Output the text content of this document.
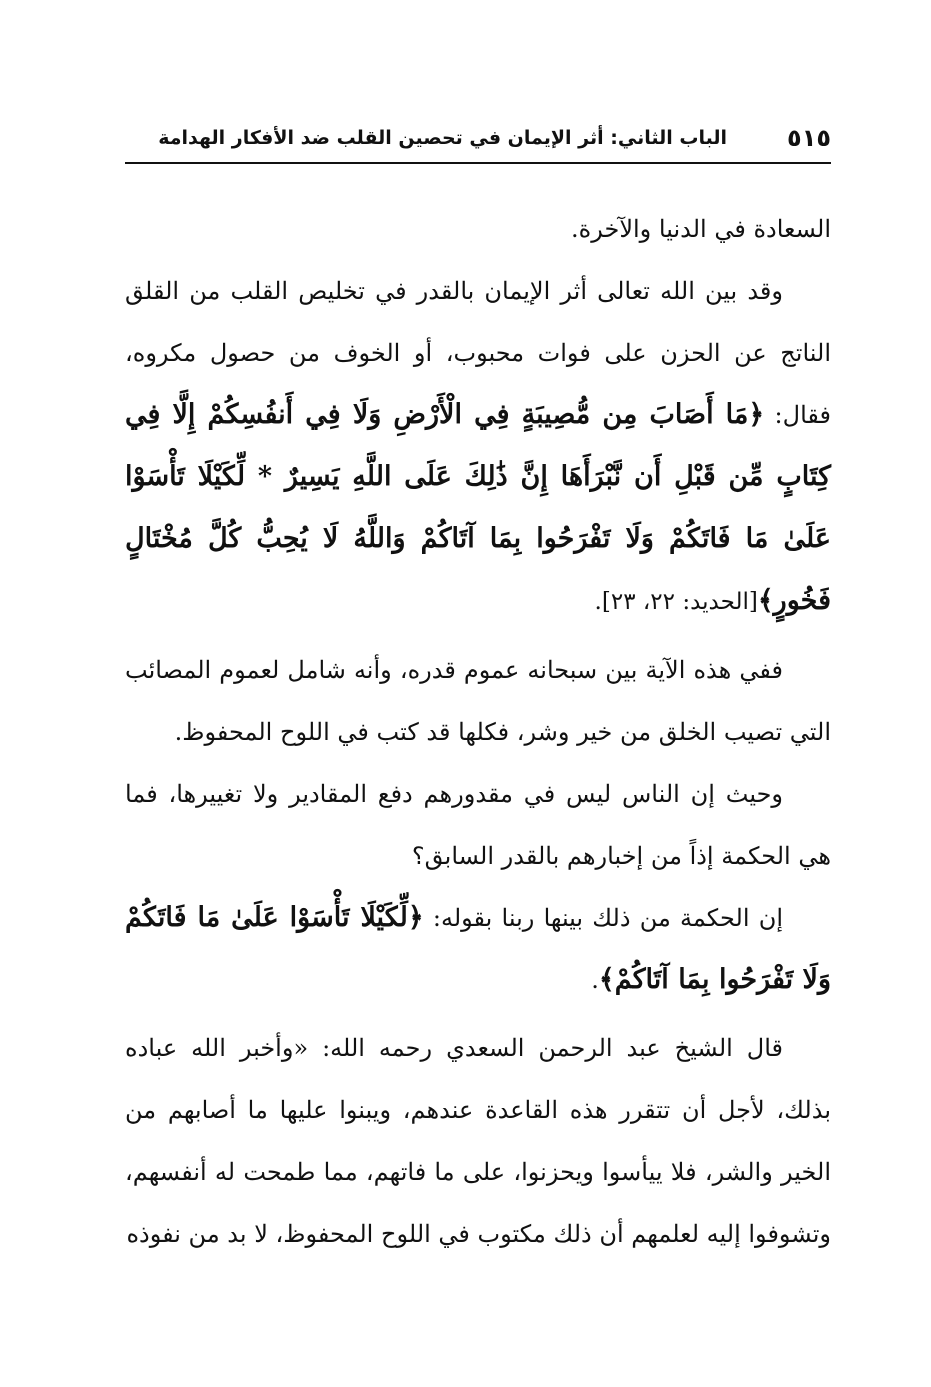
٥١٥
الباب الثاني: أثر الإيمان في تحصين القلب ضد الأفكار الهدامة

السعادة في الدنيا والآخرة.

وقد بين الله تعالى أثر الإيمان بالقدر في تخليص القلب من القلق الناتج عن الحزن على فوات محبوب، أو الخوف من حصول مكروه، فقال: ﴿مَا أَصَابَ مِن مُّصِيبَةٍ فِي الْأَرْضِ وَلَا فِي أَنفُسِكُمْ إِلَّا فِي كِتَابٍ مِّن قَبْلِ أَن نَّبْرَأَهَا إِنَّ ذَٰلِكَ عَلَى اللَّهِ يَسِيرٌ * لِّكَيْلَا تَأْسَوْا عَلَىٰ مَا فَاتَكُمْ وَلَا تَفْرَحُوا بِمَا آتَاكُمْ وَاللَّهُ لَا يُحِبُّ كُلَّ مُخْتَالٍ فَخُورٍ﴾[الحديد: ٢٢، ٢٣].

ففي هذه الآية بين سبحانه عموم قدره، وأنه شامل لعموم المصائب التي تصيب الخلق من خير وشر، فكلها قد كتب في اللوح المحفوظ.

وحيث إن الناس ليس في مقدورهم دفع المقادير ولا تغييرها، فما هي الحكمة إذاً من إخبارهم بالقدر السابق؟

إن الحكمة من ذلك بينها ربنا بقوله: ﴿لِّكَيْلَا تَأْسَوْا عَلَىٰ مَا فَاتَكُمْ وَلَا تَفْرَحُوا بِمَا آتَاكُمْ﴾.

قال الشيخ عبد الرحمن السعدي رحمه الله: «وأخبر الله عباده بذلك، لأجل أن تتقرر هذه القاعدة عندهم، ويبنوا عليها ما أصابهم من الخير والشر، فلا ييأسوا ويحزنوا، على ما فاتهم، مما طمحت له أنفسهم، وتشوفوا إليه لعلمهم أن ذلك مكتوب في اللوح المحفوظ، لا بد من نفوذه
